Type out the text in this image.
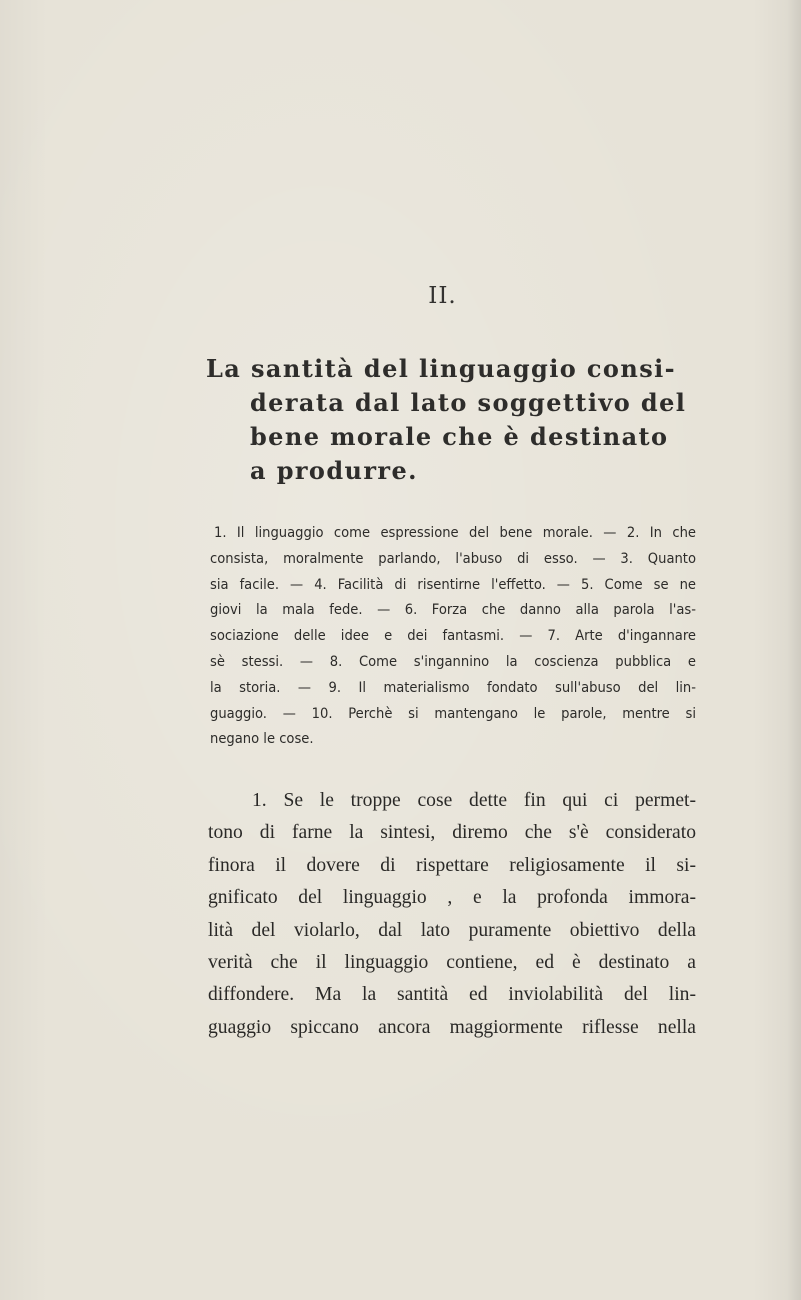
II.
La santità del linguaggio consi-
derata dal lato soggettivo del
bene morale che è destinato
a produrre.
1. Il linguaggio come espressione del bene morale. — 2. In che
consista, moralmente parlando, l'abuso di esso. — 3. Quanto
sia facile. — 4. Facilità di risentirne l'effetto. — 5. Come se ne
giovi la mala fede. — 6. Forza che danno alla parola l'as-
sociazione delle idee e dei fantasmi. — 7. Arte d'ingannare
sè stessi. — 8. Come s'ingannino la coscienza pubblica e
la storia. — 9. Il materialismo fondato sull'abuso del lin-
guaggio. — 10. Perchè si mantengano le parole, mentre si
negano le cose.
1. Se le troppe cose dette fin qui ci permet-
tono di farne la sintesi, diremo che s'è considerato
finora il dovere di rispettare religiosamente il si-
gnificato del linguaggio , e la profonda immora-
lità del violarlo, dal lato puramente obiettivo della
verità che il linguaggio contiene, ed è destinato a
diffondere. Ma la santità ed inviolabilità del lin-
guaggio spiccano ancora maggiormente riflesse nella
